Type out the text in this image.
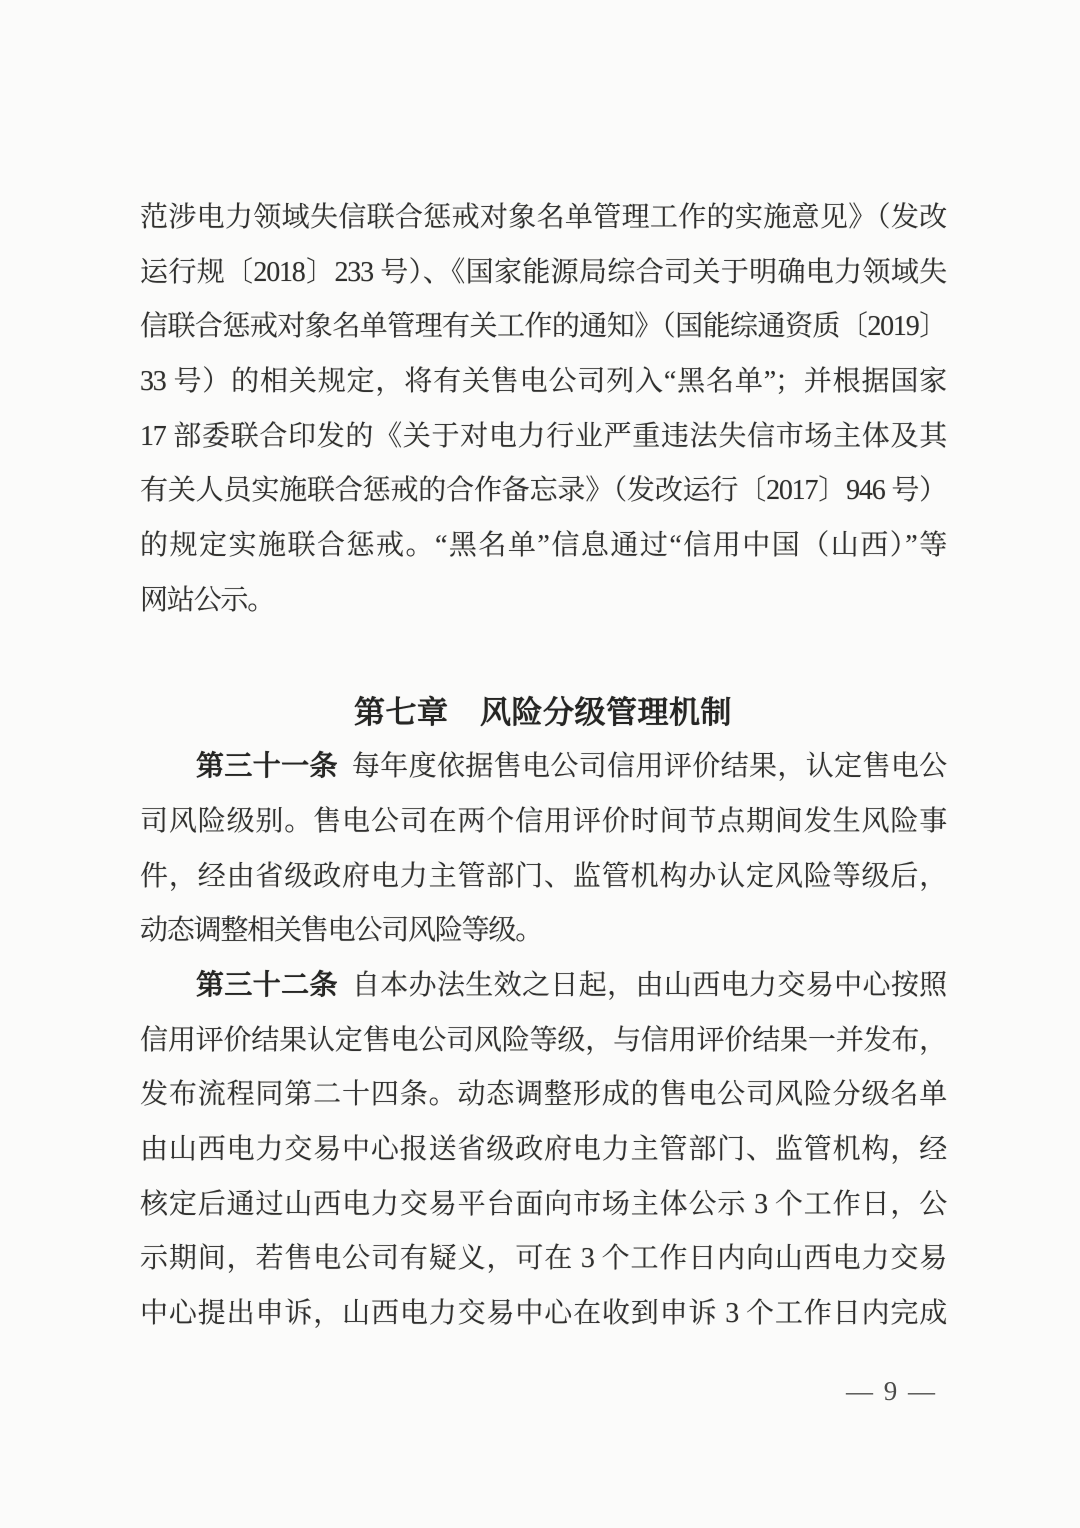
范涉电力领域失信联合惩戒对象名单管理工作的实施意见》（发改
运行规〔2018〕233 号）、《国家能源局综合司关于明确电力领域失
信联合惩戒对象名单管理有关工作的通知》（国能综通资质〔2019〕
33 号）的相关规定，将有关售电公司列入“黑名单”；并根据国家
17 部委联合印发的《关于对电力行业严重违法失信市场主体及其
有关人员实施联合惩戒的合作备忘录》（发改运行〔2017〕946 号）
的规定实施联合惩戒。“黑名单”信息通过“信用中国（山西）”等
网站公示。
第七章　风险分级管理机制
第三十一条 每年度依据售电公司信用评价结果，认定售电公
司风险级别。售电公司在两个信用评价时间节点期间发生风险事
件，经由省级政府电力主管部门、监管机构办认定风险等级后，
动态调整相关售电公司风险等级。
第三十二条 自本办法生效之日起，由山西电力交易中心按照
信用评价结果认定售电公司风险等级，与信用评价结果一并发布，
发布流程同第二十四条。动态调整形成的售电公司风险分级名单
由山西电力交易中心报送省级政府电力主管部门、监管机构，经
核定后通过山西电力交易平台面向市场主体公示 3 个工作日，公
示期间，若售电公司有疑义，可在 3 个工作日内向山西电力交易
中心提出申诉，山西电力交易中心在收到申诉 3 个工作日内完成
— 9 —
